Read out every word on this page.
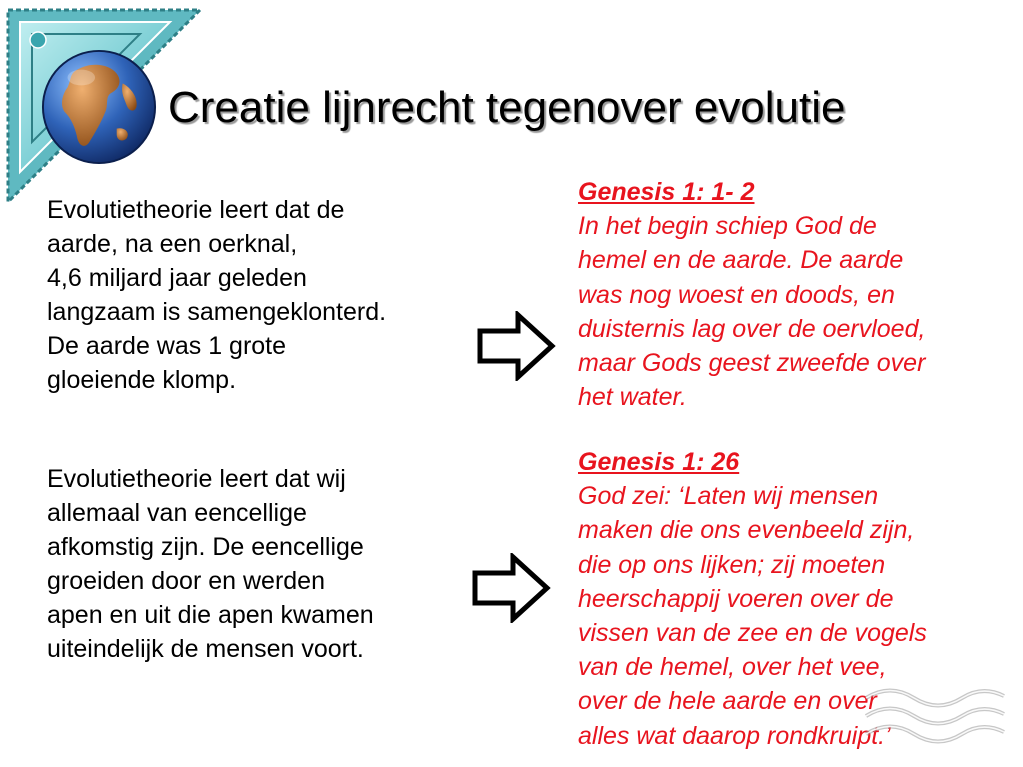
Creatie lijnrecht tegenover evolutie
Evolutietheorie leert dat de
aarde, na een oerknal,
4,6 miljard jaar geleden
langzaam is samengeklonterd.
De aarde was 1 grote
gloeiende klomp.
Evolutietheorie leert dat wij
allemaal van eencellige
afkomstig zijn. De eencellige
groeiden door en werden
apen en uit die apen kwamen
uiteindelijk de mensen voort.
Genesis 1: 1- 2
In het begin schiep God de
hemel en de aarde. De aarde
was nog woest en doods, en
duisternis lag over de oervloed,
maar Gods geest zweefde over
het water.
Genesis 1: 26
God zei: ‘Laten wij mensen
maken die ons evenbeeld zijn,
die op ons lijken; zij moeten
heerschappij voeren over de
vissen van de zee en de vogels
van de hemel, over het vee,
over de hele aarde en over
alles wat daarop rondkruipt.’
